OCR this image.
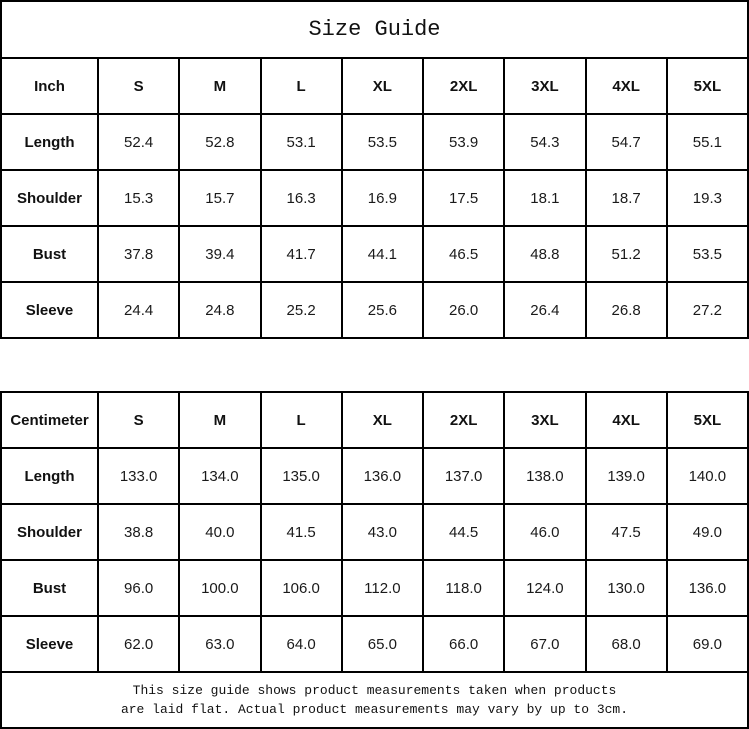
Size Guide
Inch	S	M	L	XL	2XL	3XL	4XL	5XL
Length	52.4	52.8	53.1	53.5	53.9	54.3	54.7	55.1
Shoulder	15.3	15.7	16.3	16.9	17.5	18.1	18.7	19.3
Bust	37.8	39.4	41.7	44.1	46.5	48.8	51.2	53.5
Sleeve	24.4	24.8	25.2	25.6	26.0	26.4	26.8	27.2
Centimeter	S	M	L	XL	2XL	3XL	4XL	5XL
Length	133.0	134.0	135.0	136.0	137.0	138.0	139.0	140.0
Shoulder	38.8	40.0	41.5	43.0	44.5	46.0	47.5	49.0
Bust	96.0	100.0	106.0	112.0	118.0	124.0	130.0	136.0
Sleeve	62.0	63.0	64.0	65.0	66.0	67.0	68.0	69.0
This size guide shows product measurements taken when products
are laid flat. Actual product measurements may vary by up to 3cm.
